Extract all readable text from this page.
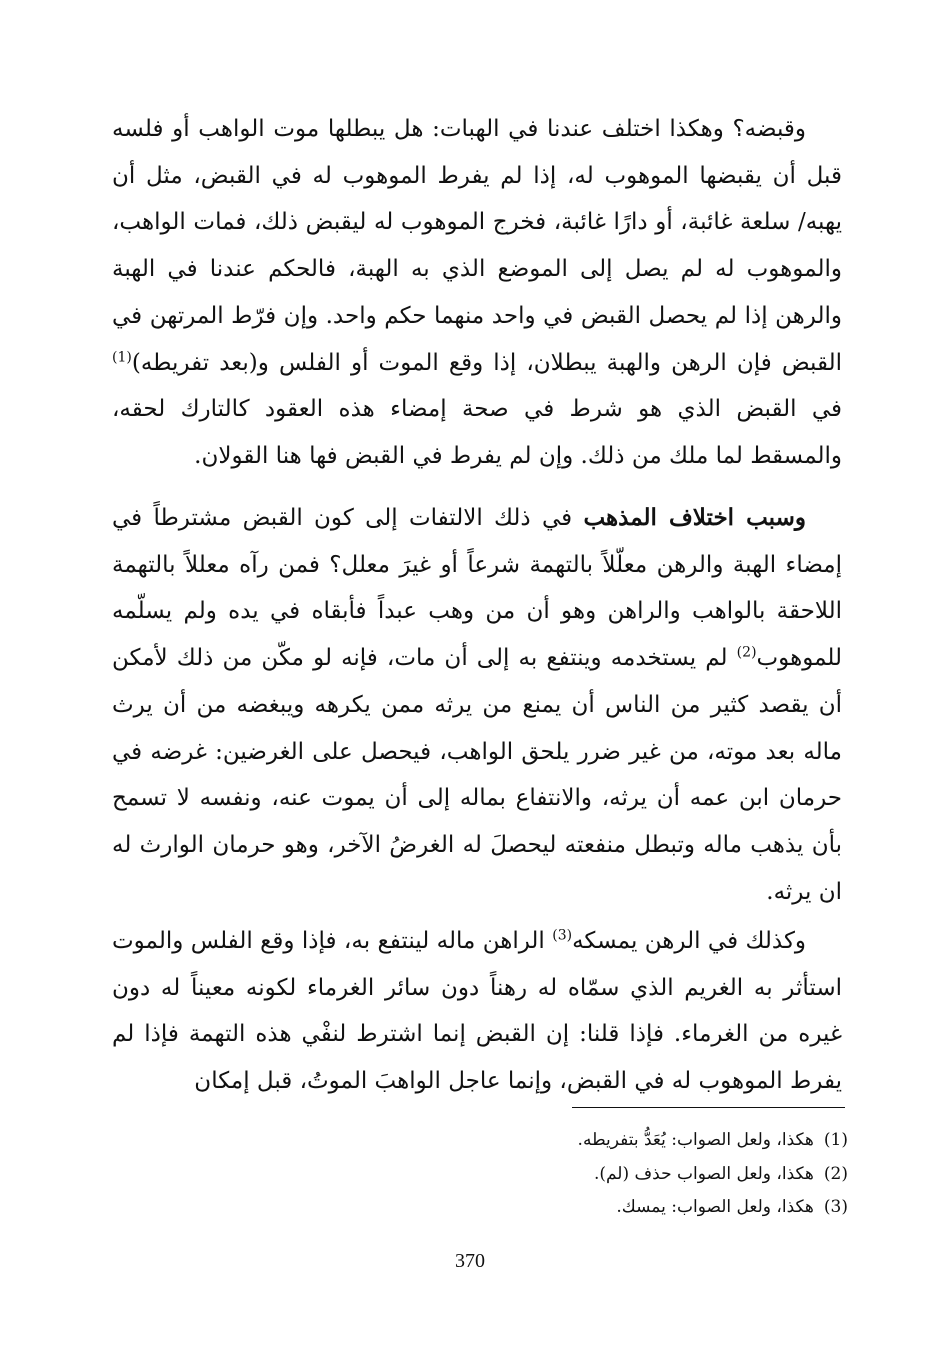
وقبضه؟ وهكذا اختلف عندنا في الهبات: هل يبطلها موت الواهب أو فلسه قبل أن يقبضها الموهوب له، إذا لم يفرط الموهوب له في القبض، مثل أن يهبه/ سلعة غائبة، أو دارًا غائبة، فخرج الموهوب له ليقبض ذلك، فمات الواهب، والموهوب له لم يصل إلى الموضع الذي به الهبة، فالحكم عندنا في الهبة والرهن إذا لم يحصل القبض في واحد منهما حكم واحد. وإن فرّط المرتهن في القبض فإن الرهن والهبة يبطلان، إذا وقع الموت أو الفلس و(بعد تفريطه)$^{(1)}$ في القبض الذي هو شرط في صحة إمضاء هذه العقود كالتارك لحقه، والمسقط لما ملك من ذلك. وإن لم يفرط في القبض فها هنا القولان.

وسبب اختلاف المذهب في ذلك الالتفات إلى كون القبض مشترطاً في إمضاء الهبة والرهن معلّلاً بالتهمة شرعاً أو غيرَ معلل؟ فمن رآه معللاً بالتهمة اللاحقة بالواهب والراهن وهو أن من وهب عبداً فأبقاه في يده ولم يسلّمه للموهوب$^{(2)}$ لم يستخدمه وينتفع به إلى أن مات، فإنه لو مكّن من ذلك لأمكن أن يقصد كثير من الناس أن يمنع من يرثه ممن يكرهه ويبغضه من أن يرث ماله بعد موته، من غير ضرر يلحق الواهب، فيحصل على الغرضين: غرضه في حرمان ابن عمه أن يرثه، والانتفاع بماله إلى أن يموت عنه، ونفسه لا تسمح بأن يذهب ماله وتبطل منفعته ليحصلَ له الغرضُ الآخر، وهو حرمان الوارث له ان يرثه.

وكذلك في الرهن يمسكه$^{(3)}$ الراهن ماله لينتفع به، فإذا وقع الفلس والموت استأثر به الغريم الذي سمّاه له رهناً دون سائر الغرماء لكونه معيناً له دون غيره من الغرماء. فإذا قلنا: إن القبض إنما اشترط لنفْي هذه التهمة فإذا لم يفرط الموهوب له في القبض، وإنما عاجل الواهبَ الموتُ، قبل إمكان

(1)هكذا، ولعل الصواب: يُعَدُّ بتفريطه.
(2)هكذا، ولعل الصواب حذف (لم).
(3)هكذا، ولعل الصواب: يمسك.
370
